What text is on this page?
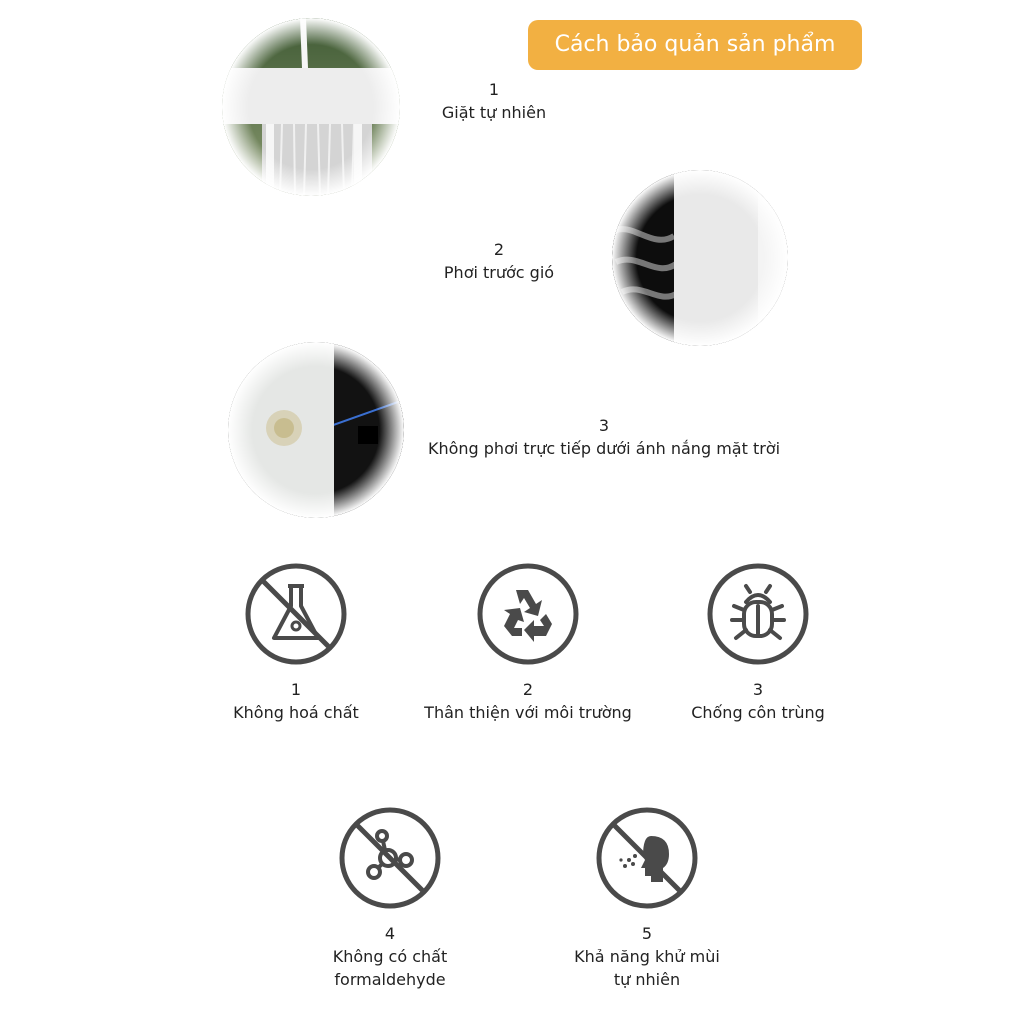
Cách bảo quản sản phẩm
1
Giặt tự nhiên
2
Phơi trước gió
3
Không phơi trực tiếp dưới ánh nắng mặt trời
1
Không hoá chất
2
Thân thiện với môi trường
3
Chống côn trùng
4
Không có chất
formaldehyde
5
Khả năng khử mùi
tự nhiên
